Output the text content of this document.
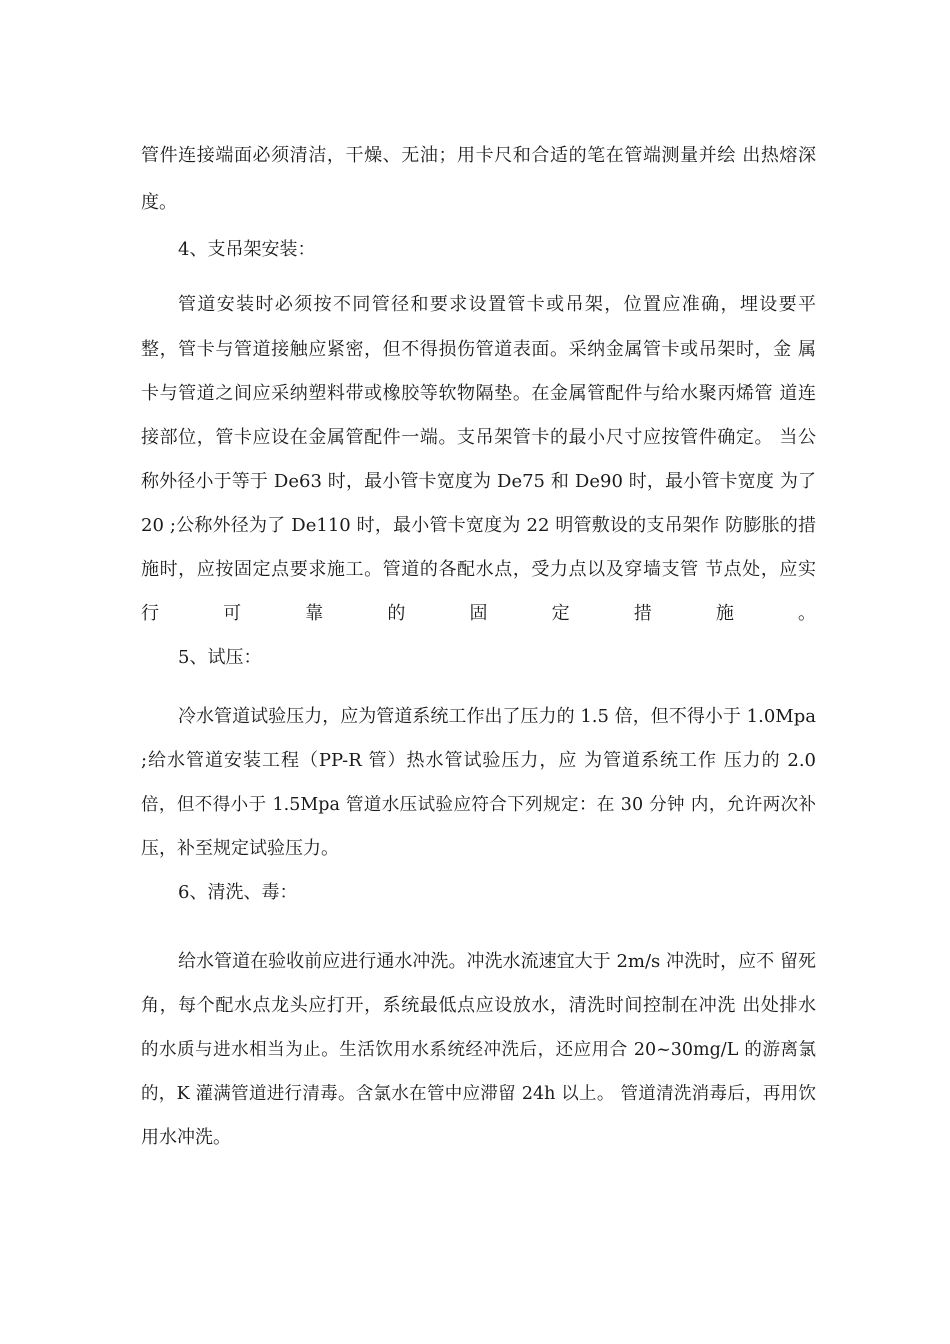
管件连接端面必须清洁，干燥、无油；用卡尺和合适的笔在管端测量并绘 出热熔深
度。
4、支吊架安装：
管道安装时必须按不同管径和要求设置管卡或吊架，位置应准确，埋设要平
整，管卡与管道接触应紧密，但不得损伤管道表面。采纳金属管卡或吊架时，金 属
卡与管道之间应采纳塑料带或橡胶等软物隔垫。在金属管配件与给水聚丙烯管 道连
接部位，管卡应设在金属管配件一端。支吊架管卡的最小尺寸应按管件确定。 当公
称外径小于等于 De63 时，最小管卡宽度为 De75 和 De90 时，最小管卡宽度 为了
20 ;公称外径为了 De110 时，最小管卡宽度为 22 明管敷设的支吊架作 防膨胀的措
施时，应按固定点要求施工。管道的各配水点，受力点以及穿墙支管 节点处，应实
行可靠的固定措施。
5、试压：
冷水管道试验压力，应为管道系统工作出了压力的 1.5 倍，但不得小于 1.0Mpa
;给水管道安装工程（PP-R 管）热水管试验压力，应 为管道系统工作 压力的 2.0
倍，但不得小于 1.5Mpa 管道水压试验应符合下列规定：在 30 分钟 内，允许两次补
压，补至规定试验压力。
6、清洗、毒：
给水管道在验收前应进行通水冲洗。冲洗水流速宜大于 2m/s 冲洗时，应不 留死
角，每个配水点龙头应打开，系统最低点应设放水，清洗时间控制在冲洗 出处排水
的水质与进水相当为止。生活饮用水系统经冲洗后，还应用合 20~30mg/L 的游离氯
的，K 灌满管道进行清毒。含氯水在管中应滞留 24h 以上。 管道清洗消毒后，再用饮
用水冲洗。
